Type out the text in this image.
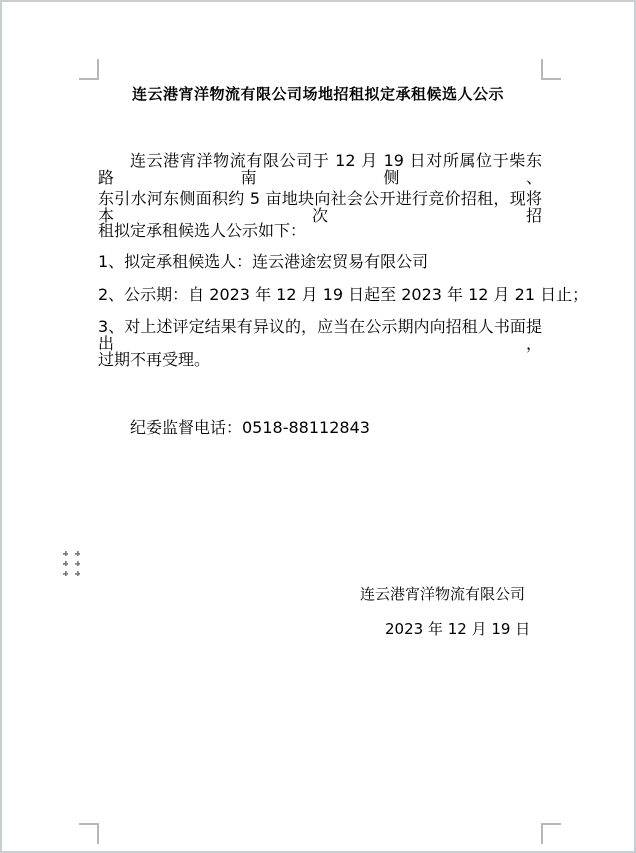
连云港宵洋物流有限公司场地招租拟定承租候选人公示
连云港宵洋物流有限公司于 12 月 19 日对所属位于柴东路南侧、
东引水河东侧面积约 5 亩地块向社会公开进行竞价招租，现将本次招
租拟定承租候选人公示如下：
1、拟定承租候选人：连云港途宏贸易有限公司
2、公示期：自 2023 年 12 月 19 日起至 2023 年 12 月 21 日止；
3、对上述评定结果有异议的，应当在公示期内向招租人书面提出，
过期不再受理。
纪委监督电话：0518-88112843
连云港宵洋物流有限公司
2023 年 12 月 19 日
